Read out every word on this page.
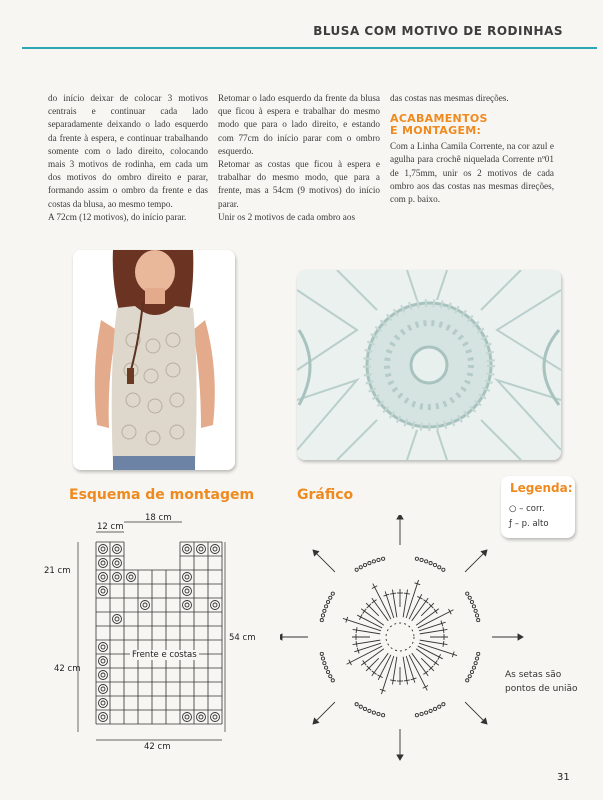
BLUSA COM MOTIVO DE RODINHAS

do início deixar de colocar 3 motivos centrais e continuar cada lado separadamente deixando o lado esquerdo da frente à espera, e continuar trabalhando somente com o lado direito, colocando mais 3 motivos de rodinha, em cada um dos motivos do ombro direito e parar, formando assim o ombro da frente e das costas da blusa, ao mesmo tempo.

A 72cm (12 motivos), do início parar.

Retomar o lado esquerdo da frente da blusa que ficou à espera e trabalhar do mesmo modo que para o lado direito, e estando com 77cm do início parar com o ombro esquerdo.

Retomar as costas que ficou à espera e trabalhar do mesmo modo, que para a frente, mas a 54cm (9 motivos) do início parar.

Unir os 2 motivos de cada ombro aos

das costas nas mesmas direções.

ACABAMENTOS
E MONTAGEM:

Com a Linha Camila Corrente, na cor azul e agulha para crochê niquelada Corrente nº01 de 1,75mm, unir os 2 motivos de cada ombro aos das costas nas mesmas direções, com p. baixo.

Esquema de montagem	Gráfico	Legenda:
○ – corr.
ƒ – p. alto
12 cm
18 cm
21 cm
42 cm
54 cm
42 cm
Frente e costas
As setas são
pontos de união
31
